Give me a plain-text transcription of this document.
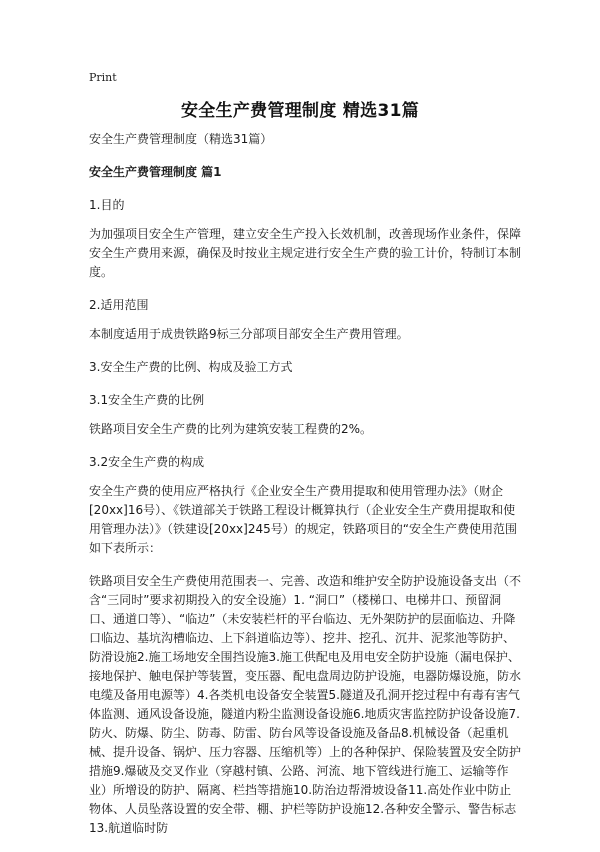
Print
安全生产费管理制度 精选31篇

安全生产费管理制度（精选31篇）

安全生产费管理制度 篇1

1.目的

为加强项目安全生产管理，建立安全生产投入长效机制，改善现场作业条件，保障安全生产费用来源，确保及时按业主规定进行安全生产费的验工计价，特制订本制度。

2.适用范围

本制度适用于成贵铁路9标三分部项目部安全生产费用管理。

3.安全生产费的比例、构成及验工方式

3.1安全生产费的比例

铁路项目安全生产费的比列为建筑安装工程费的2%。

3.2安全生产费的构成

安全生产费的使用应严格执行《企业安全生产费用提取和使用管理办法》（财企[20xx]16号）、《铁道部关于铁路工程设计概算执行（企业安全生产费用提取和使用管理办法）》（铁建设[20xx]245号）的规定，铁路项目的“安全生产费使用范围如下表所示：

铁路项目安全生产费使用范围表一、完善、改造和维护安全防护设施设备支出（不含“三同时”要求初期投入的安全设施）1. “洞口”（楼梯口、电梯井口、预留洞口、通道口等）、“临边”（未安装栏杆的平台临边、无外架防护的层面临边、升降口临边、基坑沟槽临边、上下斜道临边等）、挖井、挖孔、沉井、泥浆池等防护、防滑设施2.施工场地安全围挡设施3.施工供配电及用电安全防护设施（漏电保护、接地保护、触电保护等装置，变压器、配电盘周边防护设施，电器防爆设施，防水电缆及备用电源等）4.各类机电设备安全装置5.隧道及孔洞开挖过程中有毒有害气体监测、通风设备设施，隧道内粉尘监测设备设施6.地质灾害监控防护设备设施7.防火、防爆、防尘、防毒、防雷、防台风等设备设施及备品8.机械设备（起重机械、提升设备、锅炉、压力容器、压缩机等）上的各种保护、保险装置及安全防护措施9.爆破及交叉作业（穿越村镇、公路、河流、地下管线进行施工、运输等作业）所增设的防护、隔离、栏挡等措施10.防治边帮滑坡设备11.高处作业中防止物体、人员坠落设置的安全带、棚、护栏等防护设施12.各种安全警示、警告标志13.航道临时防
